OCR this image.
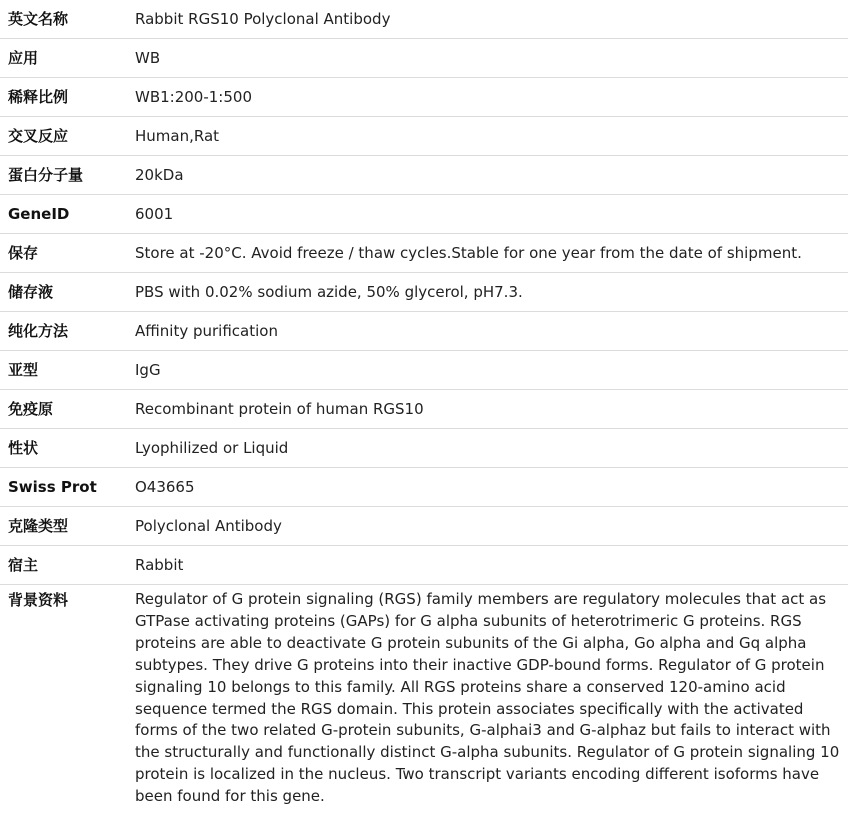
英文名称	Rabbit RGS10 Polyclonal Antibody
应用	WB
稀释比例	WB1:200-1:500
交叉反应	Human,Rat
蛋白分子量	20kDa
GeneID	6001
保存	Store at -20°C. Avoid freeze / thaw cycles.Stable for one year from the date of shipment.
储存液	PBS with 0.02% sodium azide, 50% glycerol, pH7.3.
纯化方法	Affinity purification
亚型	IgG
免疫原	Recombinant protein of human RGS10
性状	Lyophilized or Liquid
Swiss Prot	O43665
克隆类型	Polyclonal Antibody
宿主	Rabbit
背景资料	Regulator of G protein signaling (RGS) family members are regulatory molecules that act as GTPase activating proteins (GAPs) for G alpha subunits of heterotrimeric G proteins. RGS proteins are able to deactivate G protein subunits of the Gi alpha, Go alpha and Gq alpha subtypes. They drive G proteins into their inactive GDP-bound forms. Regulator of G protein signaling 10 belongs to this family. All RGS proteins share a conserved 120-amino acid sequence termed the RGS domain. This protein associates specifically with the activated forms of the two related G-protein subunits, G-alphai3 and G-alphaz but fails to interact with the structurally and functionally distinct G-alpha subunits. Regulator of G protein signaling 10 protein is localized in the nucleus. Two transcript variants encoding different isoforms have been found for this gene.
